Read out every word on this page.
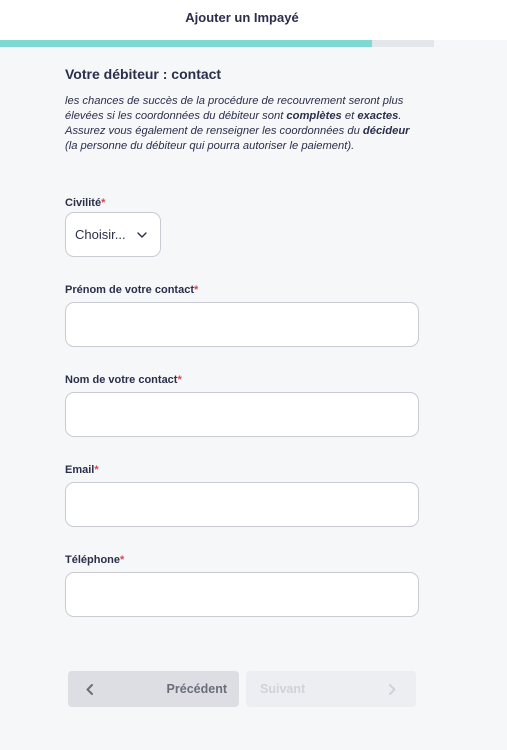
Ajouter un Impayé
Votre débiteur : contact

les chances de succès de la procédure de recouvrement seront plus élevées si les coordonnées du débiteur sont complètes et exactes. Assurez vous également de renseigner les coordonnées du décideur (la personne du débiteur qui pourra autoriser le paiement).

Civilité*
Choisir...
Prénom de votre contact*
Nom de votre contact*
Email*
Téléphone*
Précédent	Suivant
